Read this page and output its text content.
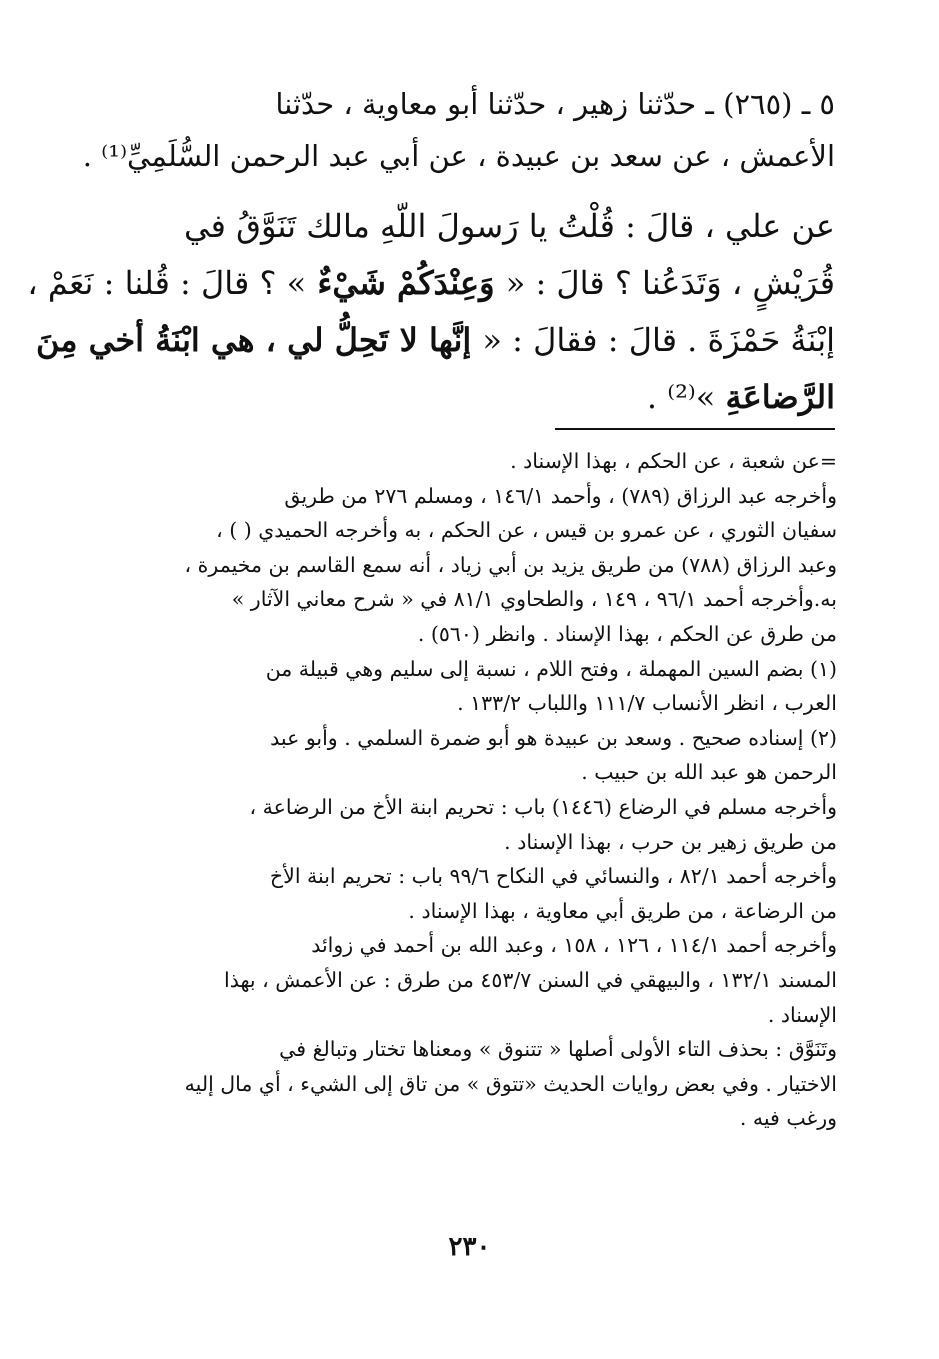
٥ ـ (٢٦٥) ـ حدّثنا زهير ، حدّثنا أبو معاوية ، حدّثنا
الأعمش ، عن سعد بن عبيدة ، عن أبي عبد الرحمن السُّلَمِيِّ⁽¹⁾ .
عن علي ، قالَ : قُلْتُ يا رَسولَ اللّهِ مالك تَنَوَّقُ في
قُرَيْشٍ ، وَتَدَعُنا ؟ قالَ : « وَعِنْدَكُمْ شَيْءٌ » ؟ قالَ : قُلنا : نَعَمْ ،
إبْنَةُ حَمْزَةَ . قالَ : فقالَ : « إنَّها لا تَحِلُّ لي ، هي ابْنَةُ أخي مِنَ
الرَّضاعَةِ »⁽²⁾ .
=عن شعبة ، عن الحكم ، بهذا الإسناد .
وأخرجه عبد الرزاق (٧٨٩) ، وأحمد ١٤٦/١ ، ومسلم ٢٧٦ من طريق
سفيان الثوري ، عن عمرو بن قيس ، عن الحكم ، به وأخرجه الحميدي ( ) ،
وعبد الرزاق (٧٨٨) من طريق يزيد بن أبي زياد ، أنه سمع القاسم بن مخيمرة ،
به.وأخرجه أحمد ٩٦/١ ، ١٤٩ ، والطحاوي ٨١/١ في « شرح معاني الآثار »
من طرق عن الحكم ، بهذا الإسناد . وانظر (٥٦٠) .
(١) بضم السين المهملة ، وفتح اللام ، نسبة إلى سليم وهي قبيلة من
العرب ، انظر الأنساب ١١١/٧ واللباب ١٣٣/٢ .
(٢) إسناده صحيح . وسعد بن عبيدة هو أبو ضمرة السلمي . وأبو عبد
الرحمن هو عبد الله بن حبيب .
وأخرجه مسلم في الرضاع (١٤٤٦) باب : تحريم ابنة الأخ من الرضاعة ،
من طريق زهير بن حرب ، بهذا الإسناد .
وأخرجه أحمد ٨٢/١ ، والنسائي في النكاح ٩٩/٦ باب : تحريم ابنة الأخ
من الرضاعة ، من طريق أبي معاوية ، بهذا الإسناد .
وأخرجه أحمد ١١٤/١ ، ١٢٦ ، ١٥٨ ، وعبد الله بن أحمد في زوائد
المسند ١٣٢/١ ، والبيهقي في السنن ٤٥٣/٧ من طرق : عن الأعمش ، بهذا
الإسناد .
وتَنَوَّق : بحذف التاء الأولى أصلها « تتنوق » ومعناها تختار وتبالغ في
الاختيار . وفي بعض روايات الحديث «تتوق » من تاق إلى الشيء ، أي مال إليه
ورغب فيه .
٢٣٠
